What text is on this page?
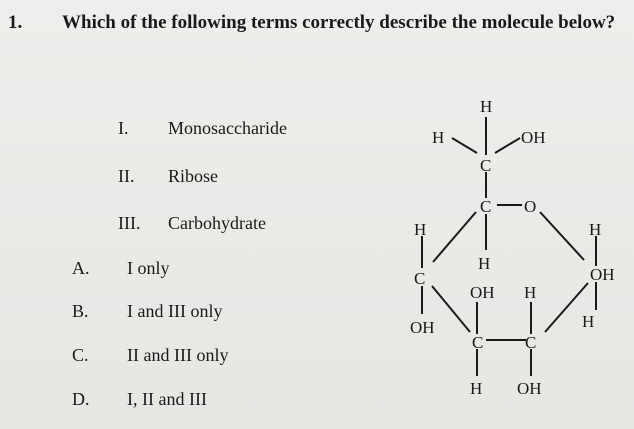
1. Which of the following terms correctly describe the molecule below?
I. Monosaccharide
II. Ribose
III. Carbohydrate
A. I only
B. I and III only
C. II and III only
D. I, II and III
H
H	OH
C
C O
H
C
OH
H
OH H
C C
H
OH
H
H OH
